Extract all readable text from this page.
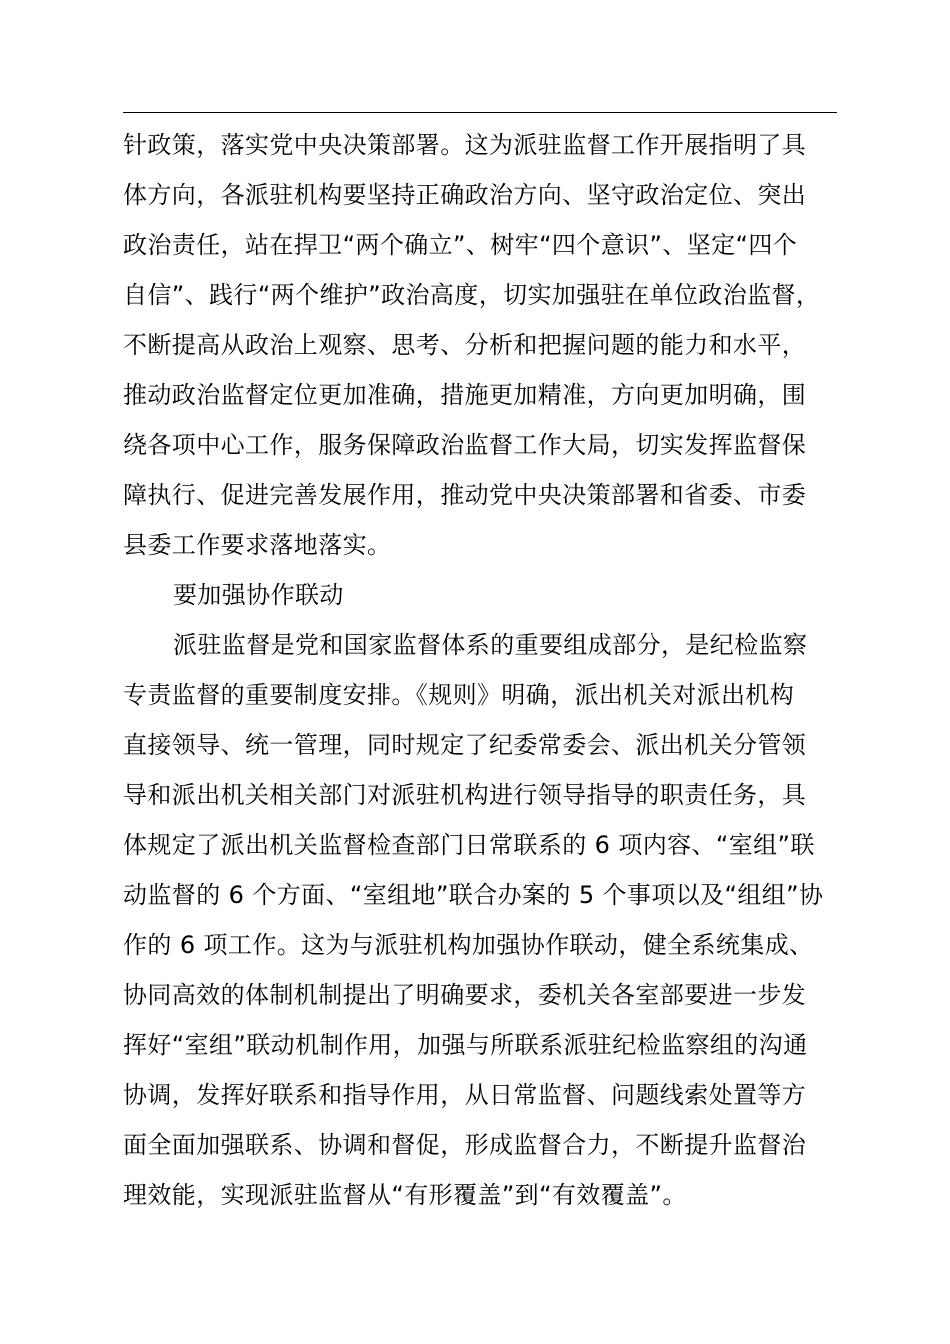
针政策，落实党中央决策部署。这为派驻监督工作开展指明了具
体方向，各派驻机构要坚持正确政治方向、坚守政治定位、突出
政治责任，站在捍卫“两个确立”、树牢“四个意识”、坚定“四个
自信”、践行“两个维护”政治高度，切实加强驻在单位政治监督，
不断提高从政治上观察、思考、分析和把握问题的能力和水平，
推动政治监督定位更加准确，措施更加精准，方向更加明确，围
绕各项中心工作，服务保障政治监督工作大局，切实发挥监督保
障执行、促进完善发展作用，推动党中央决策部署和省委、市委
县委工作要求落地落实。
要加强协作联动
派驻监督是党和国家监督体系的重要组成部分，是纪检监察
专责监督的重要制度安排。《规则》明确，派出机关对派出机构
直接领导、统一管理，同时规定了纪委常委会、派出机关分管领
导和派出机关相关部门对派驻机构进行领导指导的职责任务，具
体规定了派出机关监督检查部门日常联系的 6 项内容、“室组”联
动监督的 6 个方面、“室组地”联合办案的 5 个事项以及“组组”协
作的 6 项工作。这为与派驻机构加强协作联动，健全系统集成、
协同高效的体制机制提出了明确要求，委机关各室部要进一步发
挥好“室组”联动机制作用，加强与所联系派驻纪检监察组的沟通
协调，发挥好联系和指导作用，从日常监督、问题线索处置等方
面全面加强联系、协调和督促，形成监督合力，不断提升监督治
理效能，实现派驻监督从“有形覆盖”到“有效覆盖”。
